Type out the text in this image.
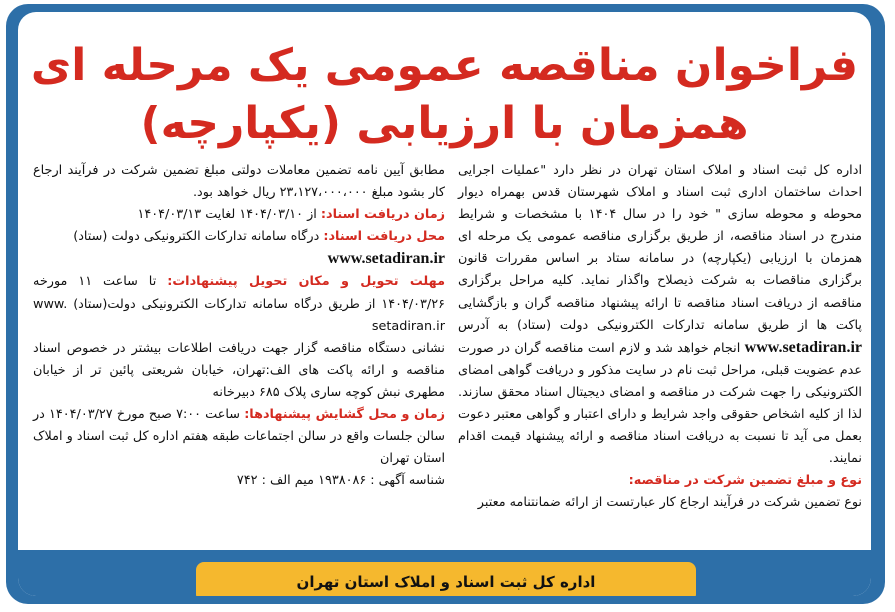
فراخوان مناقصه عمومی یک مرحله ای
همزمان با ارزیابی (یکپارچه)

اداره کل ثبت اسناد و املاک استان تهران در نظر دارد "عملیات اجرایی احداث ساختمان اداری ثبت اسناد و املاک شهرستان قدس بهمراه دیوار محوطه و محوطه سازی " خود را در سال ۱۴۰۴ با مشخصات و شرایط مندرج در اسناد مناقصه، از طریق برگزاری مناقصه عمومی یک مرحله ای همزمان با ارزیابی (یکپارچه) در سامانه ستاد بر اساس مقررات قانون برگزاری مناقصات به شرکت ذیصلاح واگذار نماید. کلیه مراحل برگزاری مناقصه از دریافت اسناد مناقصه تا ارائه پیشنهاد مناقصه گران و بازگشایی پاکت ها از طریق سامانه تدارکات الکترونیکی دولت (ستاد) به آدرس www.setadiran.ir انجام خواهد شد و لازم است مناقصه گران در صورت عدم عضویت قبلی، مراحل ثبت نام در سایت مذکور و دریافت گواهی امضای الکترونیکی را جهت شرکت در مناقصه و امضای دیجیتال اسناد محقق سازند. لذا از کلیه اشخاص حقوقی واجد شرایط و دارای اعتبار و گواهی معتبر دعوت بعمل می آید تا نسبت به دریافت اسناد مناقصه و ارائه پیشنهاد قیمت اقدام نمایند.

نوع و مبلغ تضمین شرکت در مناقصه:

نوع تضمین شرکت در فرآیند ارجاع کار عبارتست از ارائه ضمانتنامه معتبر

مطابق آیین نامه تضمین معاملات دولتی مبلغ تضمین شرکت در فرآیند ارجاع کار بشود مبلغ ۲۳،۱۲۷،۰۰۰،۰۰۰ ریال خواهد بود.

زمان دریافت اسناد: از ۱۴۰۴/۰۳/۱۰ لغایت ۱۴۰۴/۰۳/۱۳

محل دریافت اسناد: درگاه سامانه تدارکات الکترونیکی دولت (ستاد)

www.setadiran.ir

مهلت تحویل و مکان تحویل پیشنهادات: تا ساعت ۱۱ مورخه ۱۴۰۴/۰۳/۲۶ از طریق درگاه سامانه تدارکات الکترونیکی دولت(ستاد) www. setadiran.ir

نشانی دستگاه مناقصه گزار جهت دریافت اطلاعات بیشتر در خصوص اسناد مناقصه و ارائه پاکت های الف:تهران، خیابان شریعتی پائین تر از خیابان مطهری نبش کوچه ساری پلاک ۶۸۵ دبیرخانه

زمان و محل گشایش پیشنهادها: ساعت ۷:۰۰ صبح مورخ ۱۴۰۴/۰۳/۲۷ در سالن جلسات واقع در سالن اجتماعات طبقه هفتم اداره کل ثبت اسناد و املاک استان تهران

شناسه آگهی : ۱۹۳۸۰۸۶ میم الف : ۷۴۲

اداره کل ثبت اسناد و املاک استان تهران
